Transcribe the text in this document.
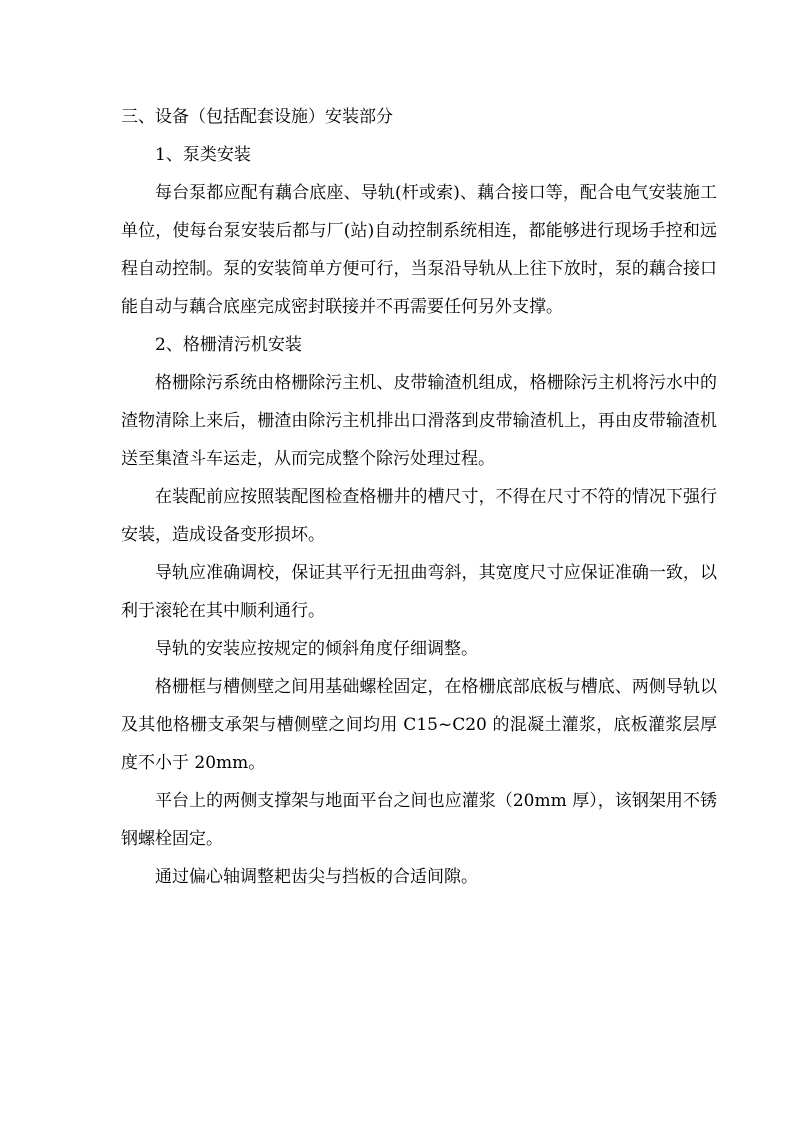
三、设备（包括配套设施）安装部分
1、泵类安装

每台泵都应配有藕合底座、导轨(杆或索)、藕合接口等，配合电气安装施工单位，使每台泵安装后都与厂(站)自动控制系统相连，都能够进行现场手控和远程自动控制。泵的安装简单方便可行，当泵沿导轨从上往下放时，泵的藕合接口能自动与藕合底座完成密封联接并不再需要任何另外支撑。

2、格栅清污机安装

格栅除污系统由格栅除污主机、皮带输渣机组成，格栅除污主机将污水中的渣物清除上来后，栅渣由除污主机排出口滑落到皮带输渣机上，再由皮带输渣机送至集渣斗车运走，从而完成整个除污处理过程。

在装配前应按照装配图检查格栅井的槽尺寸，不得在尺寸不符的情况下强行安装，造成设备变形损坏。

导轨应准确调校，保证其平行无扭曲弯斜，其宽度尺寸应保证准确一致，以利于滚轮在其中顺利通行。

导轨的安装应按规定的倾斜角度仔细调整。

格栅框与槽侧壁之间用基础螺栓固定，在格栅底部底板与槽底、两侧导轨以及其他格栅支承架与槽侧壁之间均用 C15~C20 的混凝土灌浆，底板灌浆层厚度不小于 20mm。

平台上的两侧支撑架与地面平台之间也应灌浆（20mm 厚），该钢架用不锈钢螺栓固定。

通过偏心轴调整耙齿尖与挡板的合适间隙。
